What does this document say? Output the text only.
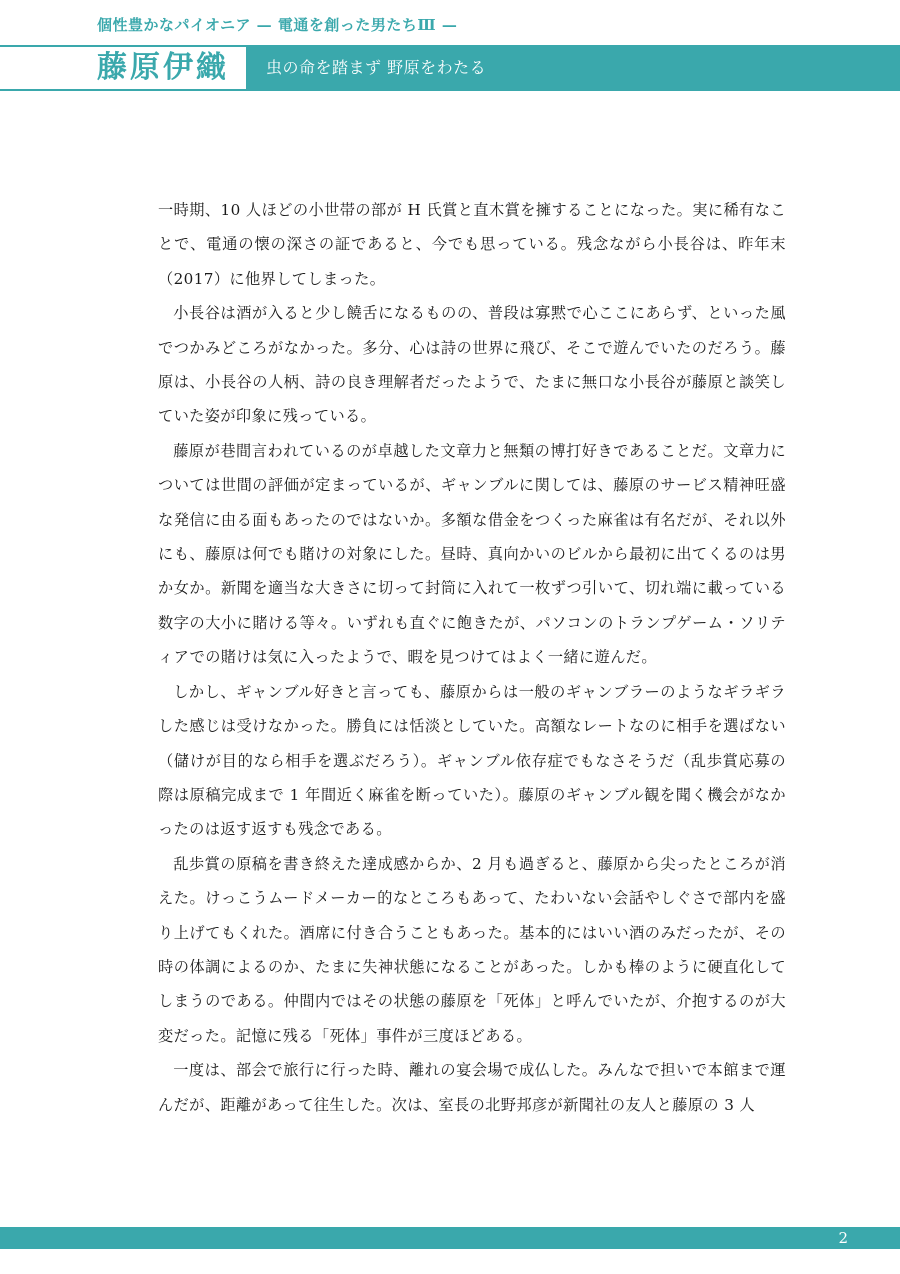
個性豊かなパイオニア — 電通を創った男たちⅢ —
藤原伊織 虫の命を踏まず 野原をわたる

一時期、10 人ほどの小世帯の部が H 氏賞と直木賞を擁することになった。実に稀有なことで、電通の懐の深さの証であると、今でも思っている。残念ながら小長谷は、昨年末（2017）に他界してしまった。

小長谷は酒が入ると少し饒舌になるものの、普段は寡黙で心ここにあらず、といった風でつかみどころがなかった。多分、心は詩の世界に飛び、そこで遊んでいたのだろう。藤原は、小長谷の人柄、詩の良き理解者だったようで、たまに無口な小長谷が藤原と談笑していた姿が印象に残っている。

藤原が巷間言われているのが卓越した文章力と無類の博打好きであることだ。文章力については世間の評価が定まっているが、ギャンブルに関しては、藤原のサービス精神旺盛な発信に由る面もあったのではないか。多額な借金をつくった麻雀は有名だが、それ以外にも、藤原は何でも賭けの対象にした。昼時、真向かいのビルから最初に出てくるのは男か女か。新聞を適当な大きさに切って封筒に入れて一枚ずつ引いて、切れ端に載っている数字の大小に賭ける等々。いずれも直ぐに飽きたが、パソコンのトランプゲーム・ソリティアでの賭けは気に入ったようで、暇を見つけてはよく一緒に遊んだ。

しかし、ギャンブル好きと言っても、藤原からは一般のギャンブラーのようなギラギラした感じは受けなかった。勝負には恬淡としていた。高額なレートなのに相手を選ばない（儲けが目的なら相手を選ぶだろう）。ギャンブル依存症でもなさそうだ（乱歩賞応募の際は原稿完成まで 1 年間近く麻雀を断っていた）。藤原のギャンブル観を聞く機会がなかったのは返す返すも残念である。

乱歩賞の原稿を書き終えた達成感からか、2 月も過ぎると、藤原から尖ったところが消えた。けっこうムードメーカー的なところもあって、たわいない会話やしぐさで部内を盛り上げてもくれた。酒席に付き合うこともあった。基本的にはいい酒のみだったが、その時の体調によるのか、たまに失神状態になることがあった。しかも棒のように硬直化してしまうのである。仲間内ではその状態の藤原を「死体」と呼んでいたが、介抱するのが大変だった。記憶に残る「死体」事件が三度ほどある。

一度は、部会で旅行に行った時、離れの宴会場で成仏した。みんなで担いで本館まで運んだが、距離があって往生した。次は、室長の北野邦彦が新聞社の友人と藤原の 3 人

2
